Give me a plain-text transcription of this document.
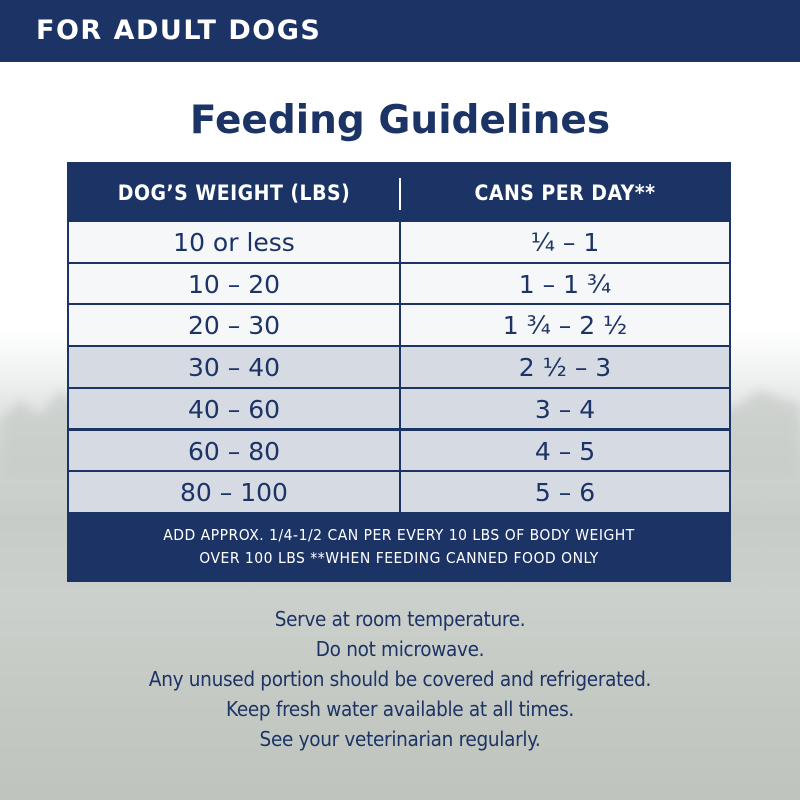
FOR ADULT DOGS
Feeding Guidelines
DOG’S WEIGHT (LBS)	CANS PER DAY**
10 or less	¼ – 1
10 – 20	1 – 1 ¾
20 – 30	1 ¾ – 2 ½
30 – 40	2 ½ – 3
40 – 60	3 – 4
60 – 80	4 – 5
80 – 100	5 – 6
ADD APPROX. 1/4-1/2 CAN PER EVERY 10 LBS OF BODY WEIGHT
OVER 100 LBS **WHEN FEEDING CANNED FOOD ONLY
Serve at room temperature.
Do not microwave.
Any unused portion should be covered and refrigerated.
Keep fresh water available at all times.
See your veterinarian regularly.
